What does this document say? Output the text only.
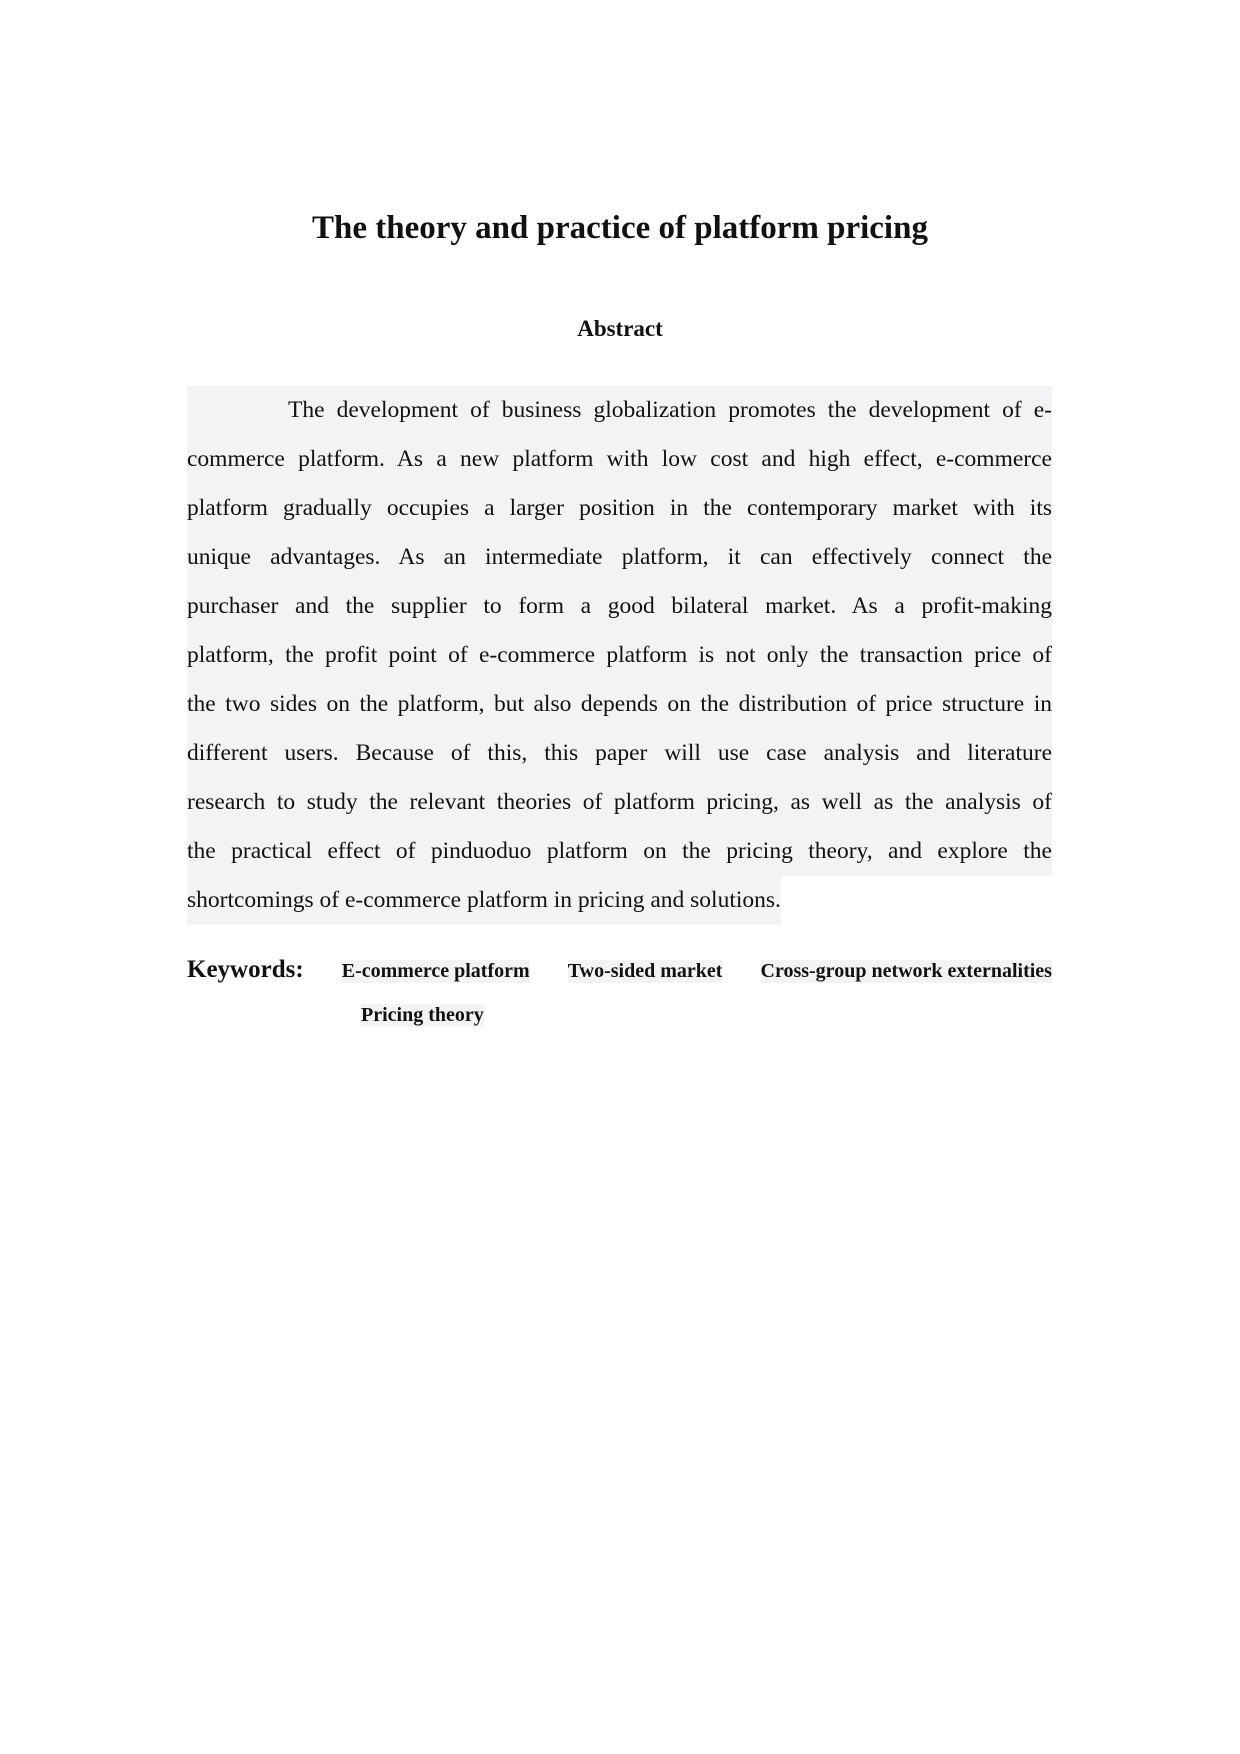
The theory and practice of platform pricing
Abstract
The development of business globalization promotes the development of e-
commerce platform. As a new platform with low cost and high effect, e-commerce
platform gradually occupies a larger position in the contemporary market with its
unique advantages. As an intermediate platform, it can effectively connect the
purchaser and the supplier to form a good bilateral market. As a profit-making
platform, the profit point of e-commerce platform is not only the transaction price of
the two sides on the platform, but also depends on the distribution of price structure in
different users. Because of this, this paper will use case analysis and literature
research to study the relevant theories of platform pricing, as well as the analysis of
the practical effect of pinduoduo platform on the pricing theory, and explore the
shortcomings of e-commerce platform in pricing and solutions.
Keywords: E-commerce platform Two-sided market Cross-group network externalities
Pricing theory
